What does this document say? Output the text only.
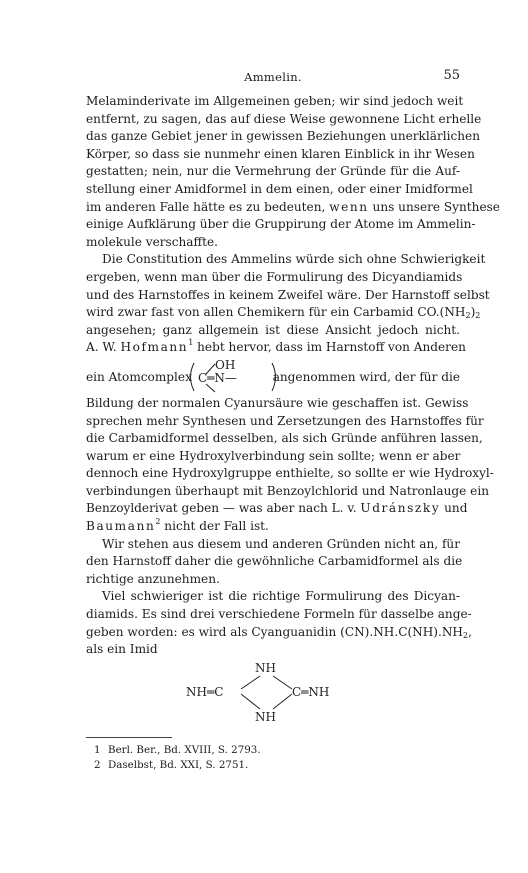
Ammelin.	55
Melaminderivate im Allgemeinen geben; wir sind jedoch weit
entfernt, zu sagen, das auf diese Weise gewonnene Licht erhelle
das ganze Gebiet jener in gewissen Beziehungen unerklärlichen
Körper, so dass sie nunmehr einen klaren Einblick in ihr Wesen
gestatten; nein, nur die Vermehrung der Gründe für die Auf-
stellung einer Amidformel in dem einen, oder einer Imidformel
im anderen Falle hätte es zu bedeuten, wenn uns unsere Synthese
einige Aufklärung über die Gruppirung der Atome im Ammelin-
molekule verschaffte.
Die Constitution des Ammelins würde sich ohne Schwierigkeit
ergeben, wenn man über die Formulirung des Dicyandiamids
und des Harnstoffes in keinem Zweifel wäre. Der Harnstoff selbst
wird zwar fast von allen Chemikern für ein Carbamid $CO.(NH_2)_2$
angesehen; ganz allgemein ist diese Ansicht jedoch nicht.
A. W. Hofmann$^1$ hebt hervor, dass im Harnstoff von Anderen
ein Atomcomplex C═N—
OH
angenommen wird, der für die
Bildung der normalen Cyanursäure wie geschaffen ist. Gewiss
sprechen mehr Synthesen und Zersetzungen des Harnstoffes für
die Carbamidformel desselben, als sich Gründe anführen lassen,
warum er eine Hydroxylverbindung sein sollte; wenn er aber
dennoch eine Hydroxylgruppe enthielte, so sollte er wie Hydroxyl-
verbindungen überhaupt mit Benzoylchlorid und Natronlauge ein
Benzoylderivat geben — was aber nach L. v. Udránszky und
Baumann$^2$ nicht der Fall ist.
Wir stehen aus diesem und anderen Gründen nicht an, für
den Harnstoff daher die gewöhnliche Carbamidformel als die
richtige anzunehmen.
Viel schwieriger ist die richtige Formulirung des Dicyan-
diamids. Es sind drei verschiedene Formeln für dasselbe ange-
geben worden: es wird als Cyanguanidin $(CN).NH.C(NH).NH_2$,
als ein Imid
NH
NH═C	C═NH
NH
1 Berl. Ber., Bd. XVIII, S. 2793.
2 Daselbst, Bd. XXI, S. 2751.
